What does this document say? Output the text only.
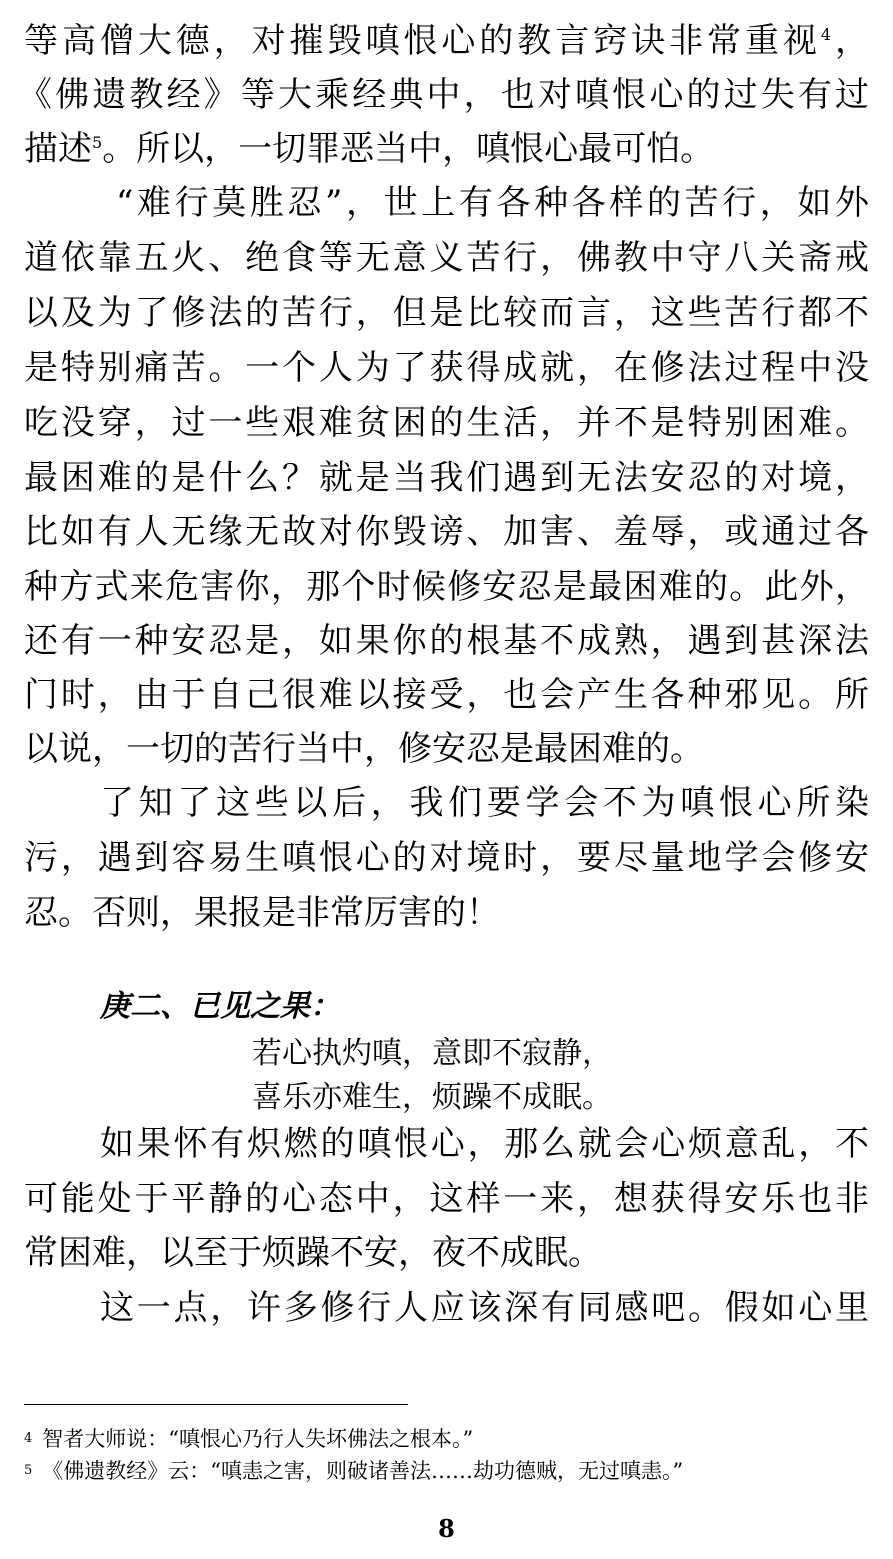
等高僧大德，对摧毁嗔恨心的教言窍诀非常重视$^4$，
《佛遗教经》等大乘经典中，也对嗔恨心的过失有过
描述$^5$。所以，一切罪恶当中，嗔恨心最可怕。
“难行莫胜忍”，世上有各种各样的苦行，如外
道依靠五火、绝食等无意义苦行，佛教中守八关斋戒
以及为了修法的苦行，但是比较而言，这些苦行都不
是特别痛苦。一个人为了获得成就，在修法过程中没
吃没穿，过一些艰难贫困的生活，并不是特别困难。
最困难的是什么？就是当我们遇到无法安忍的对境，
比如有人无缘无故对你毁谤、加害、羞辱，或通过各
种方式来危害你，那个时候修安忍是最困难的。此外，
还有一种安忍是，如果你的根基不成熟，遇到甚深法
门时，由于自己很难以接受，也会产生各种邪见。所
以说，一切的苦行当中，修安忍是最困难的。
了知了这些以后，我们要学会不为嗔恨心所染
污，遇到容易生嗔恨心的对境时，要尽量地学会修安
忍。否则，果报是非常厉害的！
庚二、已见之果：
若心执灼嗔，意即不寂静，
喜乐亦难生，烦躁不成眠。
如果怀有炽燃的嗔恨心，那么就会心烦意乱，不
可能处于平静的心态中，这样一来，想获得安乐也非
常困难，以至于烦躁不安，夜不成眠。
这一点，许多修行人应该深有同感吧。假如心里
$^4$ 智者大师说：“嗔恨心乃行人失坏佛法之根本。”
$^5$ 《佛遗教经》云：“嗔恚之害，则破诸善法……劫功德贼，无过嗔恚。”
8
